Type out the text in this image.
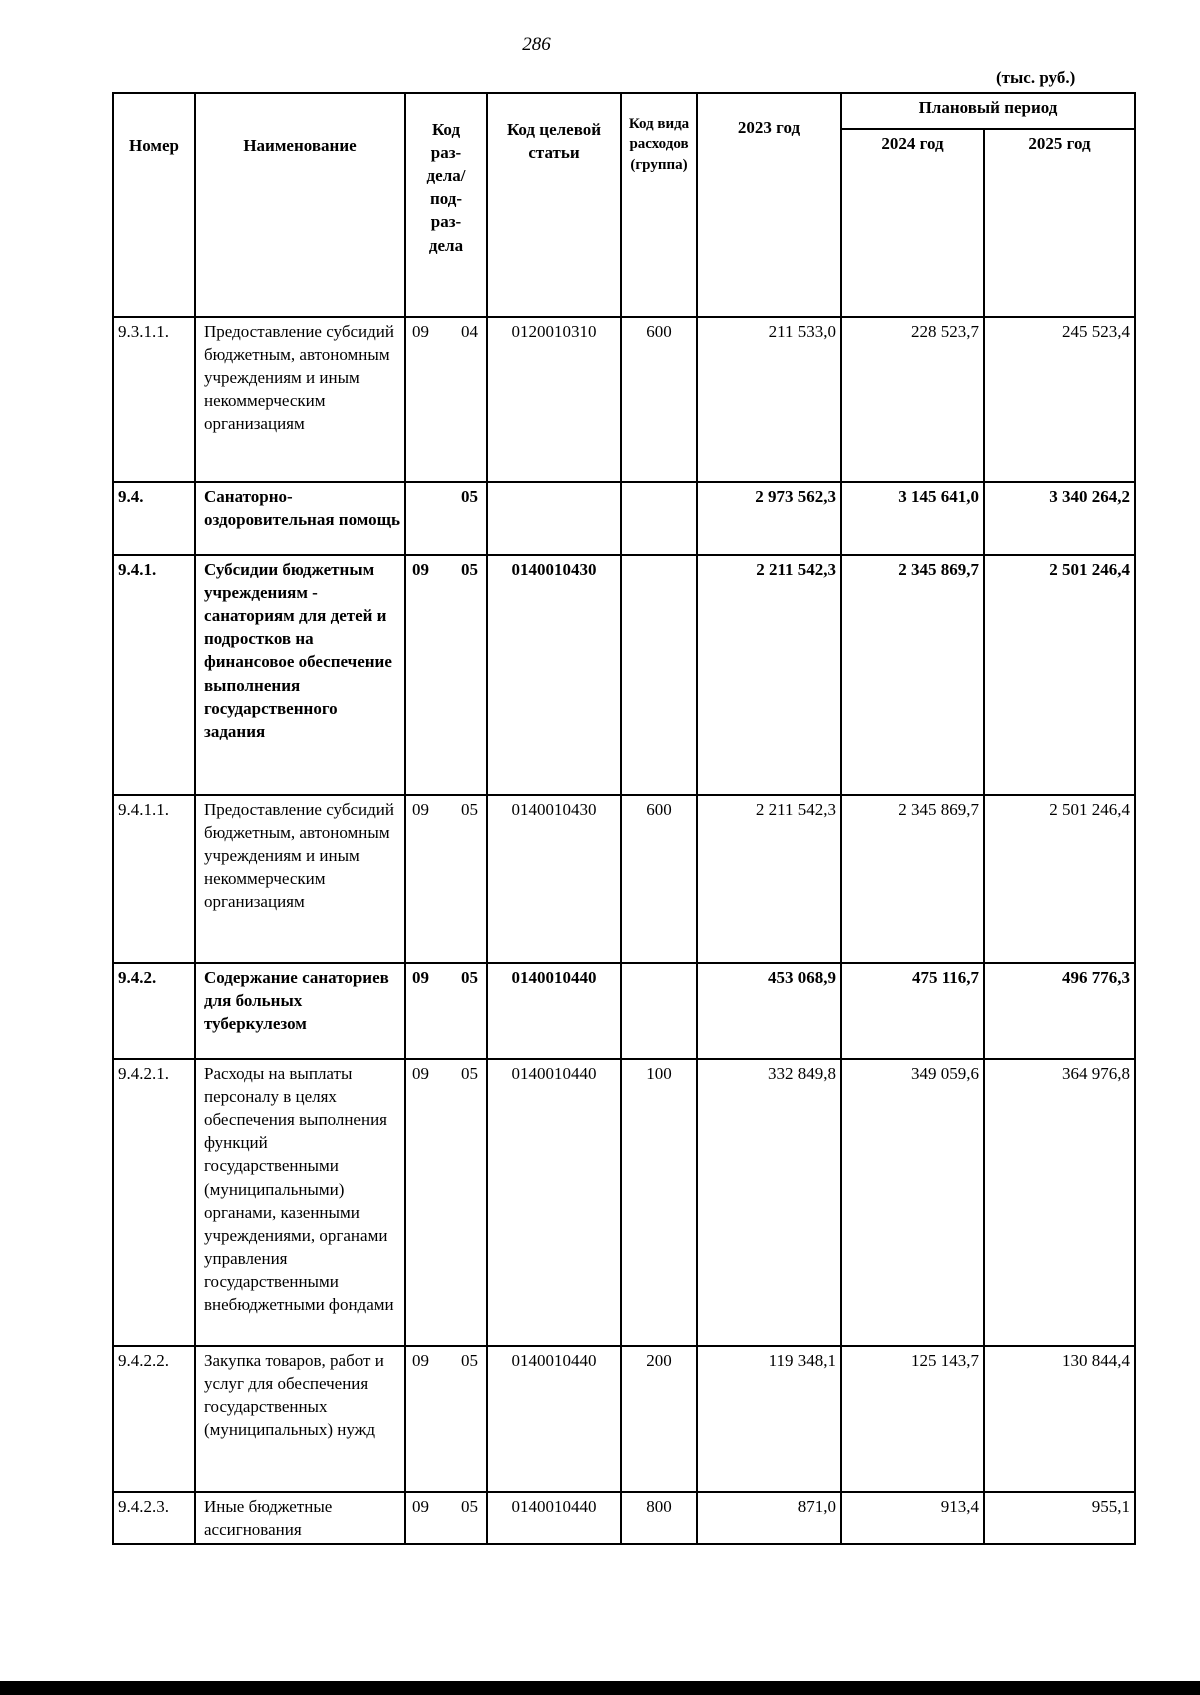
286
(тыс. руб.)
Номер	Наименование	Код раз- дела/ под- раз- дела	Код целевой статьи	Код вида расходов (группа)	2023 год	Плановый период	
						2024 год	2025 год
9.3.1.1.	Предоставление субсидий бюджетным, автономным учреждениям и иным некоммерческим организациям	09 04	0120010310	600	211 533,0	228 523,7	245 523,4
9.4.	Санаторно-оздоровительная помощь	05			2 973 562,3	3 145 641,0	3 340 264,2
9.4.1.	Субсидии бюджетным учреждениям - санаториям для детей и подростков на финансовое обеспечение выполнения государственного задания	09 05	0140010430		2 211 542,3	2 345 869,7	2 501 246,4
9.4.1.1.	Предоставление субсидий бюджетным, автономным учреждениям и иным некоммерческим организациям	09 05	0140010430	600	2 211 542,3	2 345 869,7	2 501 246,4
9.4.2.	Содержание санаториев для больных туберкулезом	09 05	0140010440		453 068,9	475 116,7	496 776,3
9.4.2.1.	Расходы на выплаты персоналу в целях обеспечения выполнения функций государственными (муниципальными) органами, казенными учреждениями, органами управления государственными внебюджетными фондами	09 05	0140010440	100	332 849,8	349 059,6	364 976,8
9.4.2.2.	Закупка товаров, работ и услуг для обеспечения государственных (муниципальных) нужд	09 05	0140010440	200	119 348,1	125 143,7	130 844,4
9.4.2.3.	Иные бюджетные ассигнования	09 05	0140010440	800	871,0	913,4	955,1
